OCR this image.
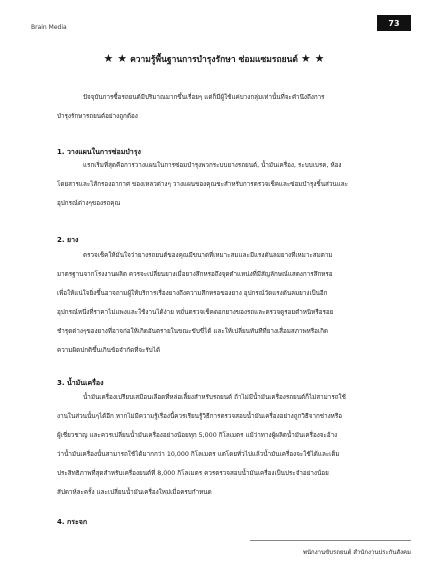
Brain Media	73
★ ★ ความรู้พื้นฐานการบำรุงรักษา ซ่อมแซมรถยนต์ ★ ★
ปัจจุบันการซื้อรถยนต์มีปริมาณมากขึ้นเรื่อยๆ แต่ก็มีผู้ใช้แค่บางกลุ่มเท่านั้นที่จะคำนึงถึงการ
บำรุงรักษารถยนต์อย่างถูกต้อง
1. วางแผนในการซ่อมบำรุง
แรกเริ่มที่สุดคือการวางแผนในการซ่อมบำรุงพวกระบบยางรถยนต์, น้ำมันเครื่อง, ระบบเบรค, ห้อง
โดยสารและไส้กรองอากาศ ของเหลวต่างๆ วางแผนของคุณชะสำหรับการตรวจเช็คและซ่อมบำรุงชิ้นส่วนและ
อุปกรณ์ต่างๆของรถคุณ
2. ยาง
ตรวจเช็คให้มั่นใจว่ายางรถยนต์ของคุณมีขนาดที่เหมาะสมและมีแรงดันลมยางที่เหมาะสมตาม
มาตรฐานจากโรงงานผลิต ควรจะเปลี่ยนยางเมื่อยางสึกหรอถึงจุดตำแหน่งที่มีสัญลักษณ์แสดงการสึกหรอ
เพื่อให้แน่ใจยิ่งขึ้นอาจถามผู้ให้บริการเรื่องยางถึงความสึกหรอของยาง อุปกรณ์วัดแรงดันลมยางเป็นอีก
อุปกรณ์หนึ่งที่ราคาไม่แพงและใช้งานได้ง่าย หมั่นตรวจเช็คดอกยางของรถและตรวจดูรอยตำหนิหรือรอย
ชำรุดต่างๆของยางที่อาจก่อให้เกิดอันตรายในขณะขับขี่ได้ และให้เปลี่ยนทันทีที่ยางเสื่อมสภาพหรือเกิด
ความผิดปกติขึ้นเกินข้อจำกัดที่จะรับได้
3. น้ำมันเครื่อง
น้ำมันเครื่องเปรียบเสมือนเลือดที่หล่อเลี้ยงสำหรับรถยนต์ ถ้าไม่มีน้ำมันเครื่องรถยนต์ก็ไม่สามารถใช้
งานในส่วนนั้นๆได้อีก หากไม่มีความรู้เรื่องนี้ควรเรียนรู้วิธีการตรวจสอบน้ำมันเครื่องอย่างถูกวิธีจากช่างหรือ
ผู้เชี่ยวชาญ และควรเปลี่ยนน้ำมันเครื่องอย่างน้อยทุก 5,000 กิโลเมตร แม้ว่าทางผู้ผลิตน้ำมันเครื่องจะอ้าง
ว่าน้ำมันเครื่องนั้นสามารถใช้ได้มากกว่า 10,000 กิโลเมตร แต่โดยทั่วไปแล้วน้ำมันเครื่องจะใช้ได้และเต็ม
ประสิทธิภาพที่สุดสำหรับเครื่องยนต์ที่ 8,000 กิโลเมตร ควรตรวจสอบน้ำมันเครื่องเป็นประจำอย่างน้อย
สัปดาห์ละครั้ง และเปลี่ยนน้ำมันเครื่องใหม่เมื่อครบกำหนด
4. กระจก
พนักงานขับรถยนต์ สำนักงานประกันสังคม
